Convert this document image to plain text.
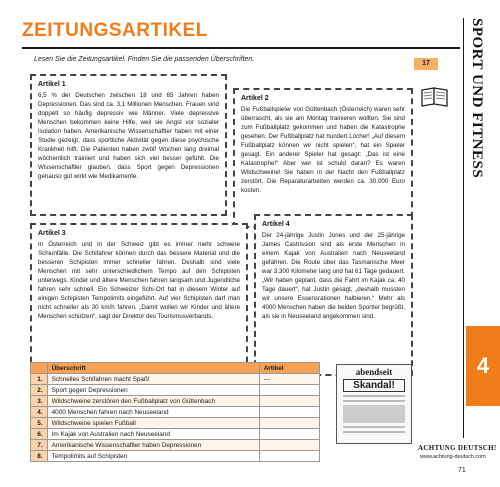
ZEITUNGSARTIKEL	SPORT UND FITNESS
Lesen Sie die Zeitungsartikel. Finden Sie die passenden Überschriften.
17
Artikel 1

6,5 % der Deutschen zwischen 18 und 65 Jahren haben Depressionen. Das sind ca. 3,1 Millionen Menschen. Frauen sind doppelt so häufig depressiv wie Männer. Viele depressive Menschen bekommen keine Hilfe, weil sie Angst vor sozialer Isolation haben. Amerikanische Wissenschaftler haben mit einer Studie gezeigt, dass sportliche Aktivität gegen diese psychische Krankheit hilft. Die Patienten haben zwölf Wochen lang dreimal wöchentlich trainiert und haben sich viel besser gefühlt. Die Wissenschaftler glauben, dass Sport gegen Depressionen genauso gut wirkt wie Medikamente.

Artikel 2

Die Fußballspieler von Güttenbach (Österreich) waren sehr überrascht, als sie am Montag trainieren wollten. Sie sind zum Fußballplatz gekommen und haben die Katastrophe gesehen: Der Fußballplatz hat hundert Löcher! „Auf diesem Fußballplatz können wir nicht spielen“, hat ein Spieler gesagt. Ein anderer Spieler hat gesagt: „Das ist eine Katastrophe!“ Aber wer ist schuld daran? Es waren Wildschweine! Sie haben in der Nacht den Fußballplatz zerstört. Die Reparaturarbeiten werden ca. 30.000 Euro kosten.

Artikel 3

In Österreich und in der Schweiz gibt es immer mehr schwere Schiunfälle. Die Schifahrer können durch das bessere Material und die besseren Schipisten immer schneller fahren. Deshalb sind viele Menschen mit sehr unterschiedlichem Tempo auf den Schipisten unterwegs. Kinder und ältere Menschen fahren langsam und Jugendliche fahren sehr schnell. Ein Schweizer Schi-Ort hat in diesem Winter auf einigen Schipisten Tempolimits eingeführt. Auf vier Schipisten darf man nicht schneller als 30 km/h fahren. „Damit wollen wir Kinder und ältere Menschen schützen“, sagt der Direktor des Tourismusverbands.

Artikel 4

Der 24-jährige Justin Jones und der 25-jährige James Castrission sind als erste Menschen in einem Kajak von Australien nach Neuseeland gefahren. Die Route über das Tasmanische Meer war 3.300 Kilometer lang und hat 61 Tage gedauert. „Wir haben geplant, dass die Fahrt im Kajak ca. 40 Tage dauert“, hat Justin gesagt, „deshalb mussten wir unsere Essensrationen halbieren.“ Mehr als 4000 Menschen haben die beiden Sportler begrüßt, als sie in Neuseeland angekommen sind.

	Überschrift	Artikel
1.	Schnelles Schifahren macht Spaß!	---
2.	Sport gegen Depressionen	
3.	Wildschweine zerstören den Fußballplatz von Güttenbach	
4.	4000 Menschen fahren nach Neuseeland	
5.	Wildschweine spielen Fußball	
6.	Im Kajak von Australien nach Neuseeland	
7.	Amerikanische Wissenschaftler haben Depressionen	
8.	Tempolimits auf Schipisten	
abendseit
Skandal!
4
ACHTUNG DEUTSCH!
www.achtung-deutsch.com
71
